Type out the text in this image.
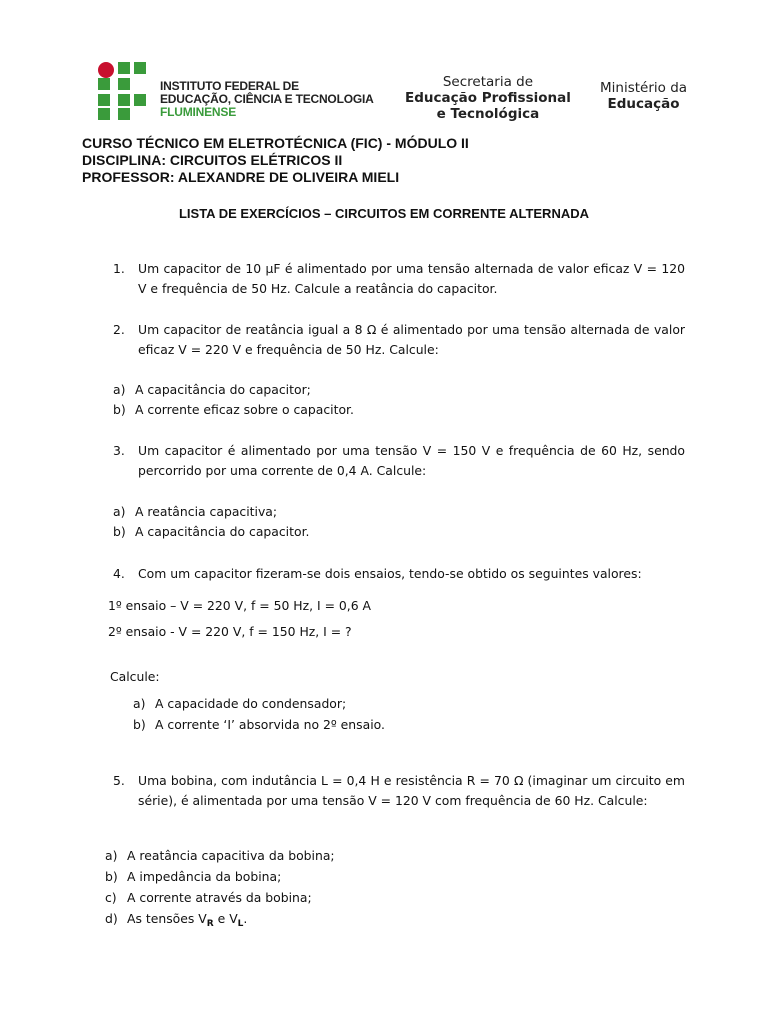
INSTITUTO FEDERAL DE
EDUCAÇÃO, CIÊNCIA E TECNOLOGIA
FLUMINENSE
Secretaria de
Educação Profissional
e Tecnológica
Ministério da
Educação
CURSO TÉCNICO EM ELETROTÉCNICA (FIC) - MÓDULO II
DISCIPLINA: CIRCUITOS ELÉTRICOS II
PROFESSOR: ALEXANDRE DE OLIVEIRA MIELI
LISTA DE EXERCÍCIOS – CIRCUITOS EM CORRENTE ALTERNADA
1. Um capacitor de 10 µF é alimentado por uma tensão alternada de valor eficaz V = 120 V e frequência de 50 Hz. Calcule a reatância do capacitor.
2. Um capacitor de reatância igual a 8 Ω é alimentado por uma tensão alternada de valor eficaz V = 220 V e frequência de 50 Hz. Calcule:
a) A capacitância do capacitor;
b) A corrente eficaz sobre o capacitor.
3. Um capacitor é alimentado por uma tensão V = 150 V e frequência de 60 Hz, sendo percorrido por uma corrente de 0,4 A. Calcule:
a) A reatância capacitiva;
b) A capacitância do capacitor.
4. Com um capacitor fizeram-se dois ensaios, tendo-se obtido os seguintes valores:
1º ensaio – V = 220 V, f = 50 Hz, I = 0,6 A
2º ensaio - V = 220 V, f = 150 Hz, I = ?
Calcule:
a) A capacidade do condensador;
b) A corrente ‘I’ absorvida no 2º ensaio.
5. Uma bobina, com indutância L = 0,4 H e resistência R = 70 Ω (imaginar um circuito em série), é alimentada por uma tensão V = 120 V com frequência de 60 Hz. Calcule:
a) A reatância capacitiva da bobina;
b) A impedância da bobina;
c) A corrente através da bobina;
d) As tensões $V_R$ e $V_L$.
